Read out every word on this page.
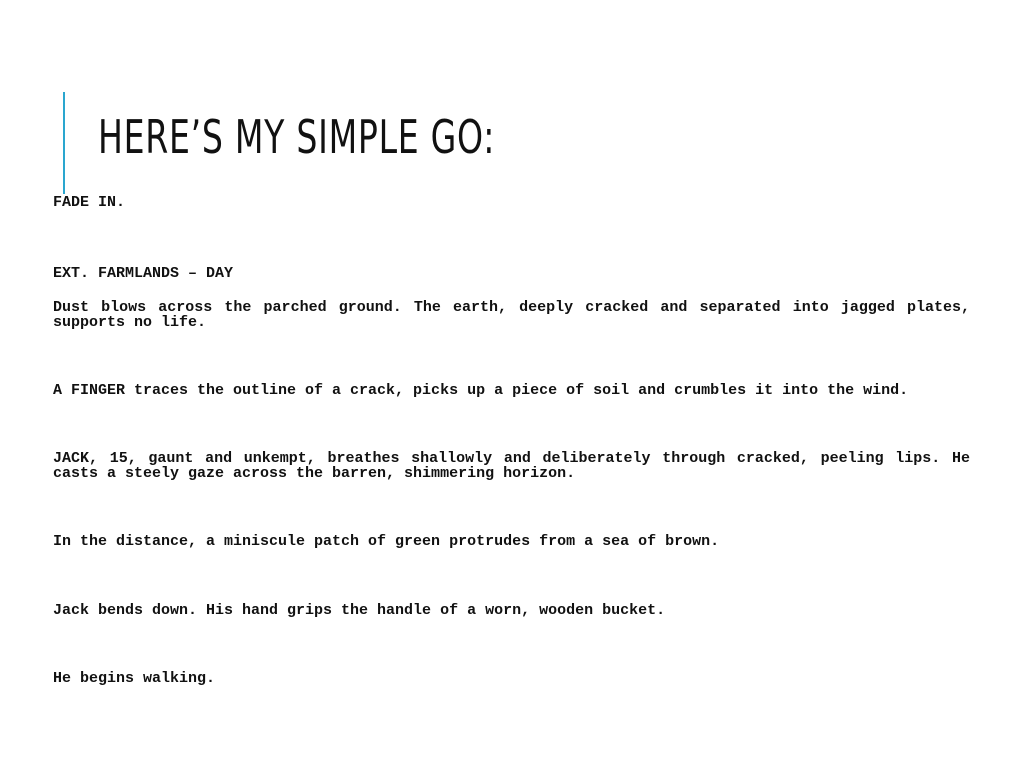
HERE’S MY SIMPLE GO:

FADE IN.

EXT. FARMLANDS – DAY

Dust blows across the parched ground. The earth, deeply cracked and separated into jagged plates, supports no life.

A FINGER traces the outline of a crack, picks up a piece of soil and crumbles it into the wind.

JACK, 15, gaunt and unkempt, breathes shallowly and deliberately through cracked, peeling lips. He casts a steely gaze across the barren, shimmering horizon.

In the distance, a miniscule patch of green protrudes from a sea of brown.

Jack bends down. His hand grips the handle of a worn, wooden bucket.

He begins walking.
